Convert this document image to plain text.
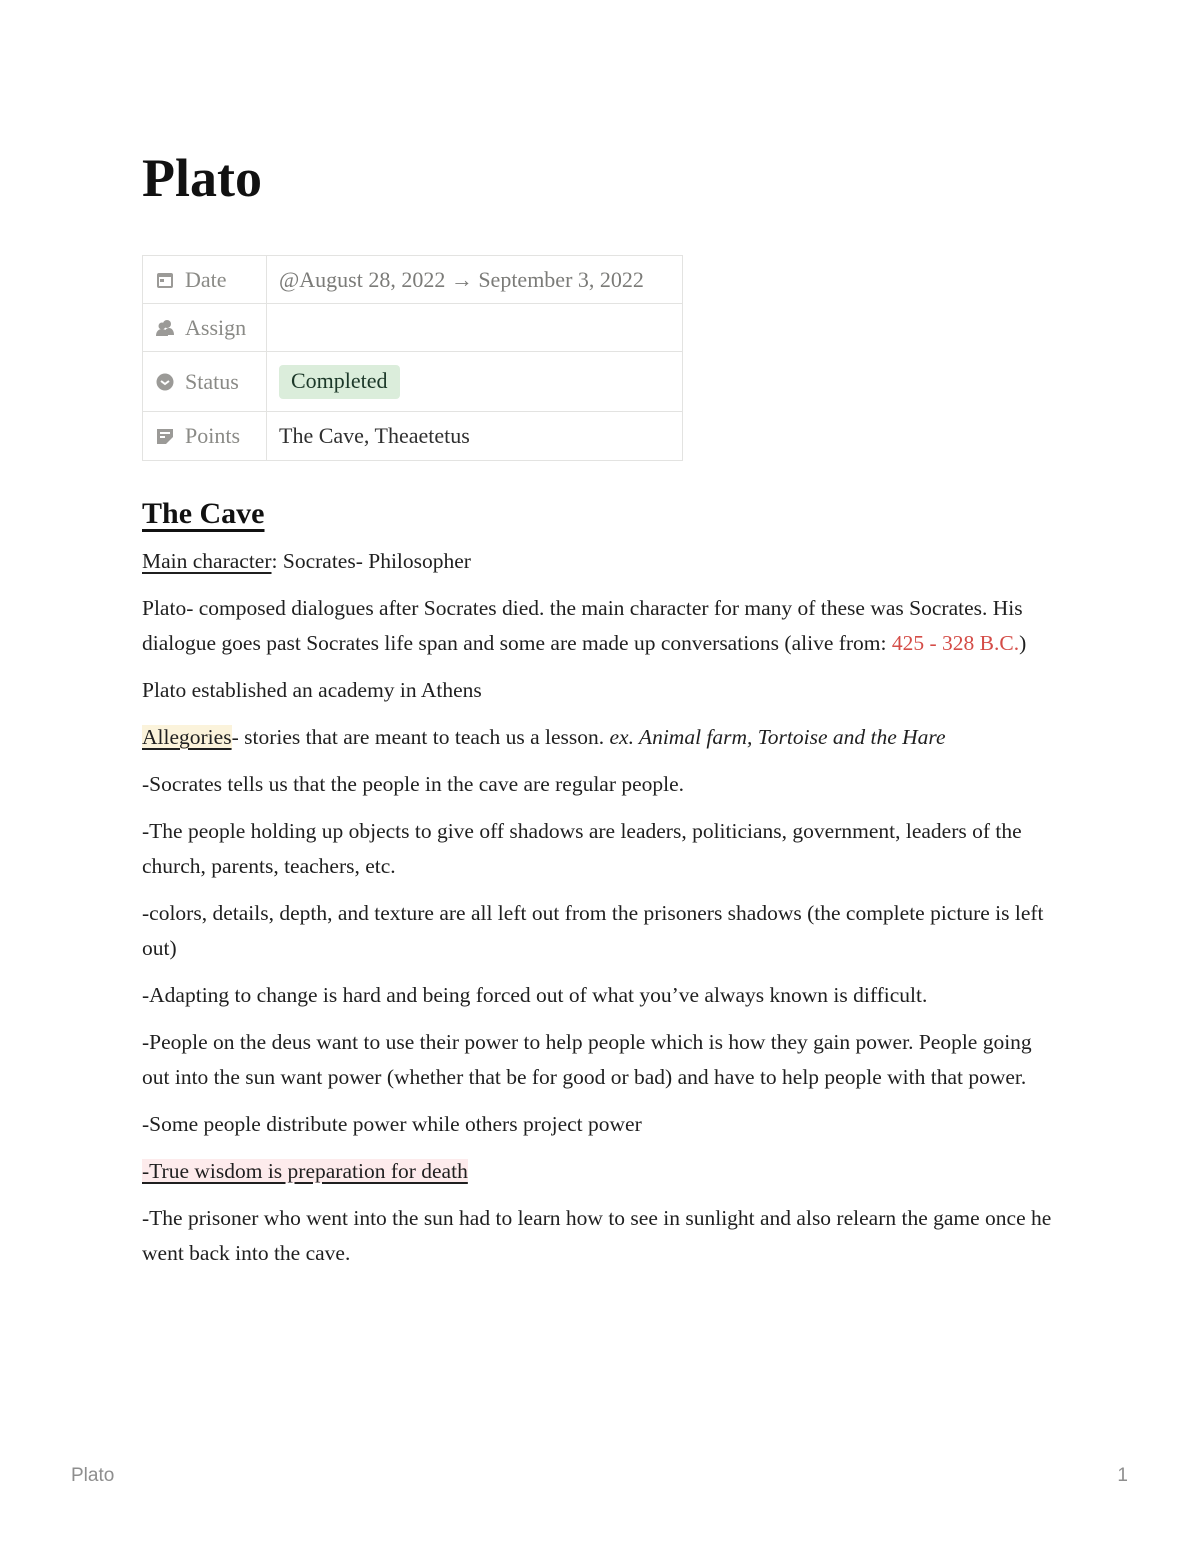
Plato
Date	@August 28, 2022 → September 3, 2022

Assign	

Status	Completed

Points	The Cave, Theaetetus
The Cave

Main character: Socrates- Philosopher

Plato- composed dialogues after Socrates died. the main character for many of these was Socrates. His dialogue goes past Socrates life span and some are made up conversations (alive from: 425 - 328 B.C.)

Plato established an academy in Athens

Allegories- stories that are meant to teach us a lesson. ex. Animal farm, Tortoise and the Hare

-Socrates tells us that the people in the cave are regular people.

-The people holding up objects to give off shadows are leaders, politicians, government, leaders of the church, parents, teachers, etc.

-colors, details, depth, and texture are all left out from the prisoners shadows (the complete picture is left out)

-Adapting to change is hard and being forced out of what you’ve always known is difficult.

-People on the deus want to use their power to help people which is how they gain power. People going out into the sun want power (whether that be for good or bad) and have to help people with that power.

-Some people distribute power while others project power

-True wisdom is preparation for death

-The prisoner who went into the sun had to learn how to see in sunlight and also relearn the game once he went back into the cave.

Plato	1
